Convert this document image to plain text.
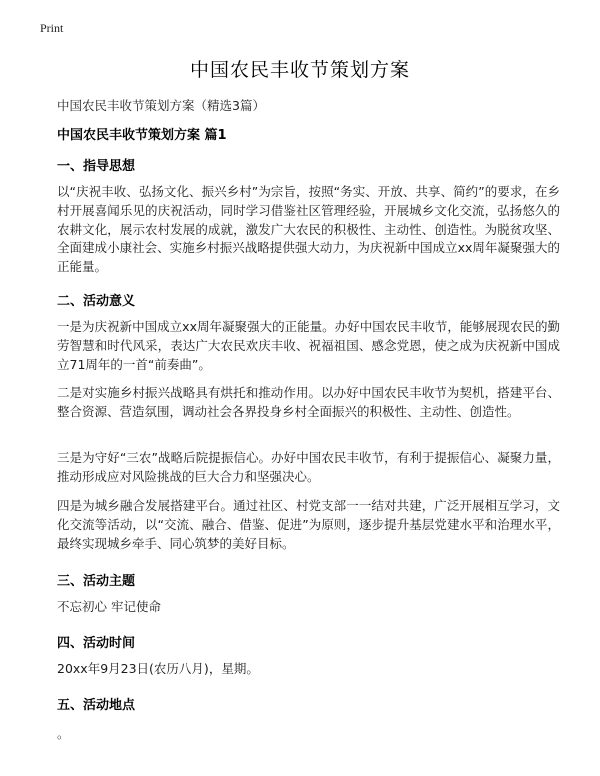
Print
中国农民丰收节策划方案
中国农民丰收节策划方案（精选3篇）
中国农民丰收节策划方案 篇1
一、指导思想
以“庆祝丰收、弘扬文化、振兴乡村”为宗旨，按照“务实、开放、共享、简约”的要求，在乡村开展喜闻乐见的庆祝活动，同时学习借鉴社区管理经验，开展城乡文化交流，弘扬悠久的农耕文化，展示农村发展的成就，激发广大农民的积极性、主动性、创造性。为脱贫攻坚、全面建成小康社会、实施乡村振兴战略提供强大动力，为庆祝新中国成立xx周年凝聚强大的正能量。
二、活动意义
一是为庆祝新中国成立xx周年凝聚强大的正能量。办好中国农民丰收节，能够展现农民的勤劳智慧和时代风采，表达广大农民欢庆丰收、祝福祖国、感念党恩，使之成为庆祝新中国成立71周年的一首“前奏曲”。
二是对实施乡村振兴战略具有烘托和推动作用。以办好中国农民丰收节为契机，搭建平台、整合资源、营造氛围，调动社会各界投身乡村全面振兴的积极性、主动性、创造性。
三是为守好“三农”战略后院提振信心。办好中国农民丰收节，有利于提振信心、凝聚力量，推动形成应对风险挑战的巨大合力和坚强决心。
四是为城乡融合发展搭建平台。通过社区、村党支部一一结对共建，广泛开展相互学习，文化交流等活动，以“交流、融合、借鉴、促进”为原则，逐步提升基层党建水平和治理水平，最终实现城乡牵手、同心筑梦的美好目标。
三、活动主题
不忘初心 牢记使命
四、活动时间
20xx年9月23日(农历八月)，星期。
五、活动地点
。
